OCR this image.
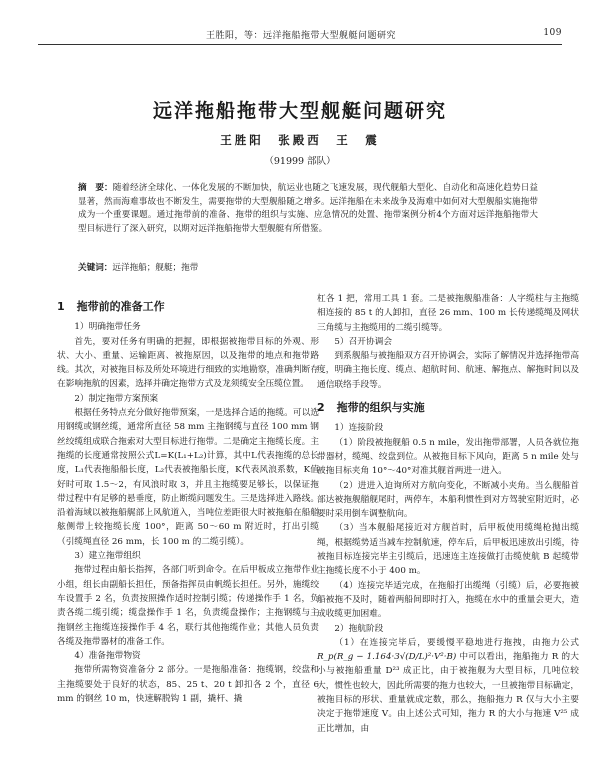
王胜阳，等：远洋拖船拖带大型舰艇问题研究	109
远洋拖船拖带大型舰艇问题研究
王胜阳　张殿西　王　震
（91999 部队）
摘　要：随着经济全球化、一体化发展的不断加快，航运业也随之飞速发展，现代舰船大型化、自动化和高速化趋势日益显著，然而海难事故也不断发生，需要拖带的大型舰船随之增多。远洋拖船在未来战争及海难中如何对大型舰船实施拖带成为一个重要课题。通过拖带前的准备、拖带的组织与实施、应急情况的处置、拖带案例分析4个方面对远洋拖船拖带大型目标进行了深入研究，以期对远洋拖船拖带大型舰艇有所借鉴。
关键词：远洋拖船；舰艇；拖带
1 拖带前的准备工作

1）明确拖带任务

首先，要对任务有明确的把握，即根据被拖带目标的外观、形状、大小、重量、运输距离、被拖原因，以及拖带的地点和拖带路线。其次，对被拖目标及所处环境进行细致的实地勘察，准确判断存在影响拖航的因素，选择并确定拖带方式及龙须缆安全压缆位置。

2）制定拖带方案预案

根据任务特点充分做好拖带预案，一是选择合适的拖缆。可以选用钢缆或钢丝缆，通常所直径 58 mm 主拖钢缆与直径 100 mm 钢丝绞缆组成联合拖索对大型目标进行拖带。二是确定主拖缆长度。主拖缆的长度通常按照公式L=K(L₁+L₂)计算，其中L代表拖缆的总长度，L₁代表拖船船长度，L₂代表被拖船长度，K代表风浪系数，K值好时可取 1.5～2，有风浪时取 3，并且主拖缆要足够长，以保证拖带过程中有足够的悬垂度，防止断缆问题发生。三是选择进入路线。沿着海域以被拖船艉部上风航道入，当吨位差距很大时被拖船在船艏舷侧带上较拖缆长度 100°，距离 50～60 m 附近时，打出引缆（引缆绳直径 26 mm，长 100 m 的二缆引缆）。

3）建立拖带组织

拖带过程由船长指挥，各部门听到命令。在后甲板成立拖带作业小组，组长由副船长担任，预备指挥员由帆缆长担任。另外，施缆绞车设置手 2 名，负责按照操作适时控制引缆；传递操作手 1 名，负责各缆二缆引缆；缆盘操作手 1 名，负责缆盘操作；主拖钢缆与主拖钢丝主拖缆连接操作手 4 名，联行其他拖缆作业；其他人员负责各缆及拖带器材的准备工作。

4）准备拖带物资

拖带所需物资准备分 2 部分。一是拖船准备：拖缆钢，绞盘和主拖缆要处于良好的状态，85、25 t、20 t 卸扣各 2 个，直径 6 mm 的钢丝 10 m，快速解脱钩 1 副，撬杆、撬

杠各 1 把，常用工具 1 套。二是被拖舰船准备：人字缆柱与主拖缆相连接的 85 t 的人卸扣，直径 26 mm、100 m 长传递缆绳及网状三角缆与主拖缆用的二缆引缆等。

5）召开协调会

到系舰船与被拖船双方召开协调会，实际了解情况并选择拖带高度，明确主拖长度、缆点、超航时间、航速、解拖点、解拖时间以及通信联络手段等。

2 拖带的组织与实施

1）连接阶段

（1）阶段被拖舰船 0.5 n mile，发出拖带部署，人员各就位拖带器材，缆绳、绞盘到位。从被拖目标下风向，距离 5 n mile 处与被拖目标夹角 10°～40°对准其舰首两进一进入。

（2）进进入迫询所对方航向变化，不断减小夹角。当么舰船首部达被拖舰艏舰尾时，两停车，本船利惯性到对方驾驶室附近时，必要时采用倒车调整航向。

（3）当本舰船尾接近对方舰首时，后甲板使用缆绳枪抛出缆绳，根据缆势适当减车控制航速，停车后，后甲板迅速放出引缆，待被拖目标连接完毕主引缆后，迅速连主连接做打击缆使航 B 起缆带主拖缆长度不小于 400 m。

（4）连接完毕适完成，在拖船打出缆绳（引缆）后，必要拖被船被拖不及时，随着两船间即时打入，拖缆在水中的重量会更大，造成收缆更加困难。

2）拖航阶段

（1）在连接完毕后，要缓慢平稳地进行拖拽，由拖力公式 R_p(R_g − 1.164·3√(D/L)²·V²·B) 中可以看出，拖船拖力 R 的大小与被拖船重量 D²³ 成正比，由于被拖舰为大型目标，几吨位较大，惯性也较大，因此所需要的拖力也较大，一旦被拖带目标确定，被拖目标的形状、重量就成定数，那么，拖船拖力 R 仅与大小主要决定于拖带速度 V。由上述公式可知，拖力 R 的大小与拖速 V²⁵ 成正比增加，由
